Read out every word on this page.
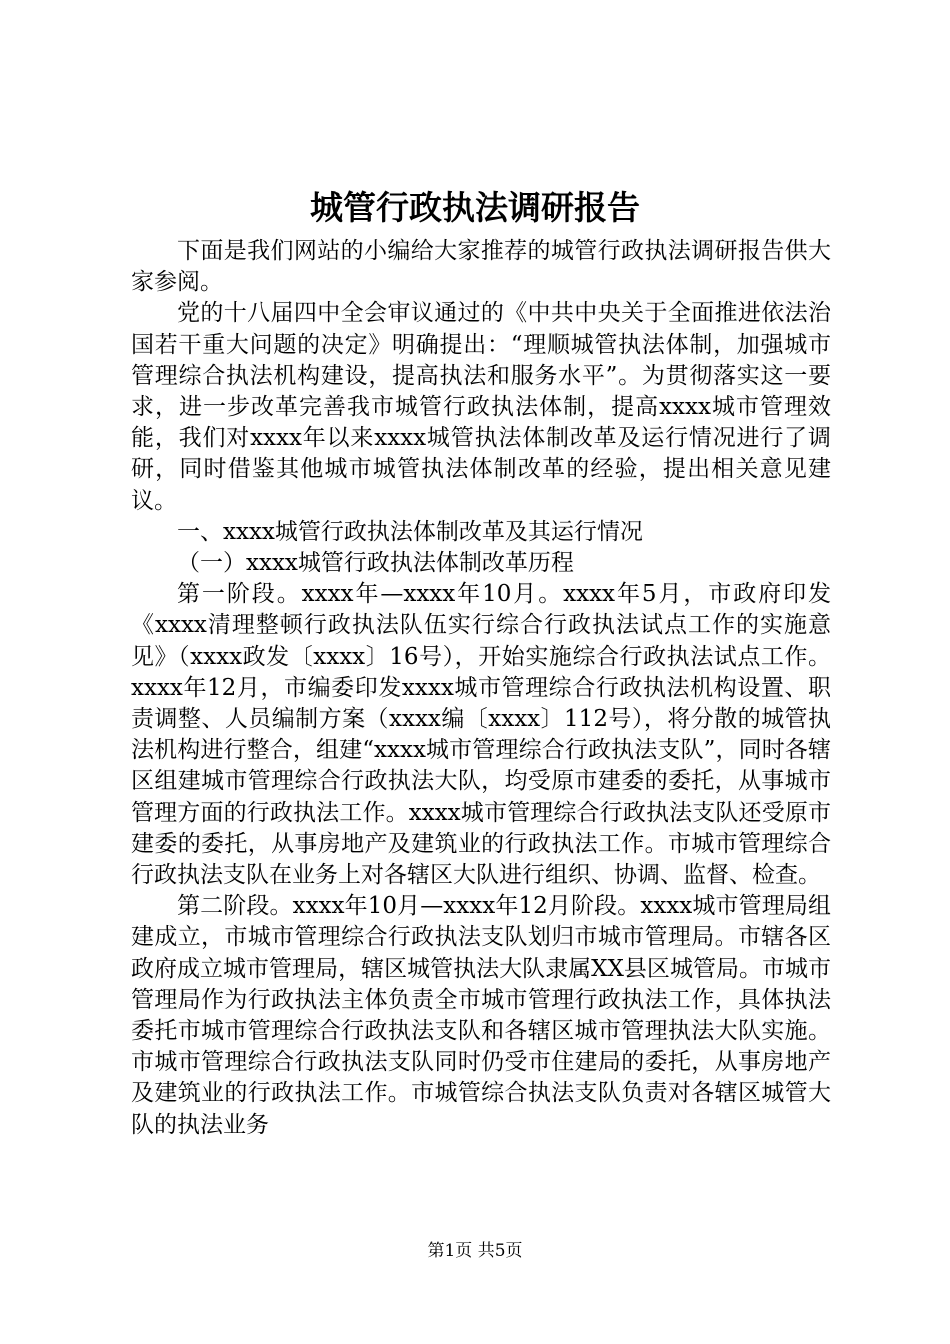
城管行政执法调研报告

下面是我们网站的小编给大家推荐的城管行政执法调研报告供大家参阅。

党的十八届四中全会审议通过的《中共中央关于全面推进依法治国若干重大问题的决定》明确提出：“理顺城管执法体制，加强城市管理综合执法机构建设，提高执法和服务水平”。为贯彻落实这一要求，进一步改革完善我市城管行政执法体制，提高xxxx城市管理效能，我们对xxxx年以来xxxx城管执法体制改革及运行情况进行了调研，同时借鉴其他城市城管执法体制改革的经验，提出相关意见建议。

一、xxxx城管行政执法体制改革及其运行情况

（一）xxxx城管行政执法体制改革历程

第一阶段。xxxx年—xxxx年10月。xxxx年5月，市政府印发《xxxx清理整顿行政执法队伍实行综合行政执法试点工作的实施意见》（xxxx政发〔xxxx〕16号），开始实施综合行政执法试点工作。xxxx年12月，市编委印发xxxx城市管理综合行政执法机构设置、职责调整、人员编制方案（xxxx编〔xxxx〕112号），将分散的城管执法机构进行整合，组建“xxxx城市管理综合行政执法支队”，同时各辖区组建城市管理综合行政执法大队，均受原市建委的委托，从事城市管理方面的行政执法工作。xxxx城市管理综合行政执法支队还受原市建委的委托，从事房地产及建筑业的行政执法工作。市城市管理综合行政执法支队在业务上对各辖区大队进行组织、协调、监督、检查。

第二阶段。xxxx年10月—xxxx年12月阶段。xxxx城市管理局组建成立，市城市管理综合行政执法支队划归市城市管理局。市辖各区政府成立城市管理局，辖区城管执法大队隶属XX县区城管局。市城市管理局作为行政执法主体负责全市城市管理行政执法工作，具体执法委托市城市管理综合行政执法支队和各辖区城市管理执法大队实施。市城市管理综合行政执法支队同时仍受市住建局的委托，从事房地产及建筑业的行政执法工作。市城管综合执法支队负责对各辖区城管大队的执法业务

第1页 共5页
